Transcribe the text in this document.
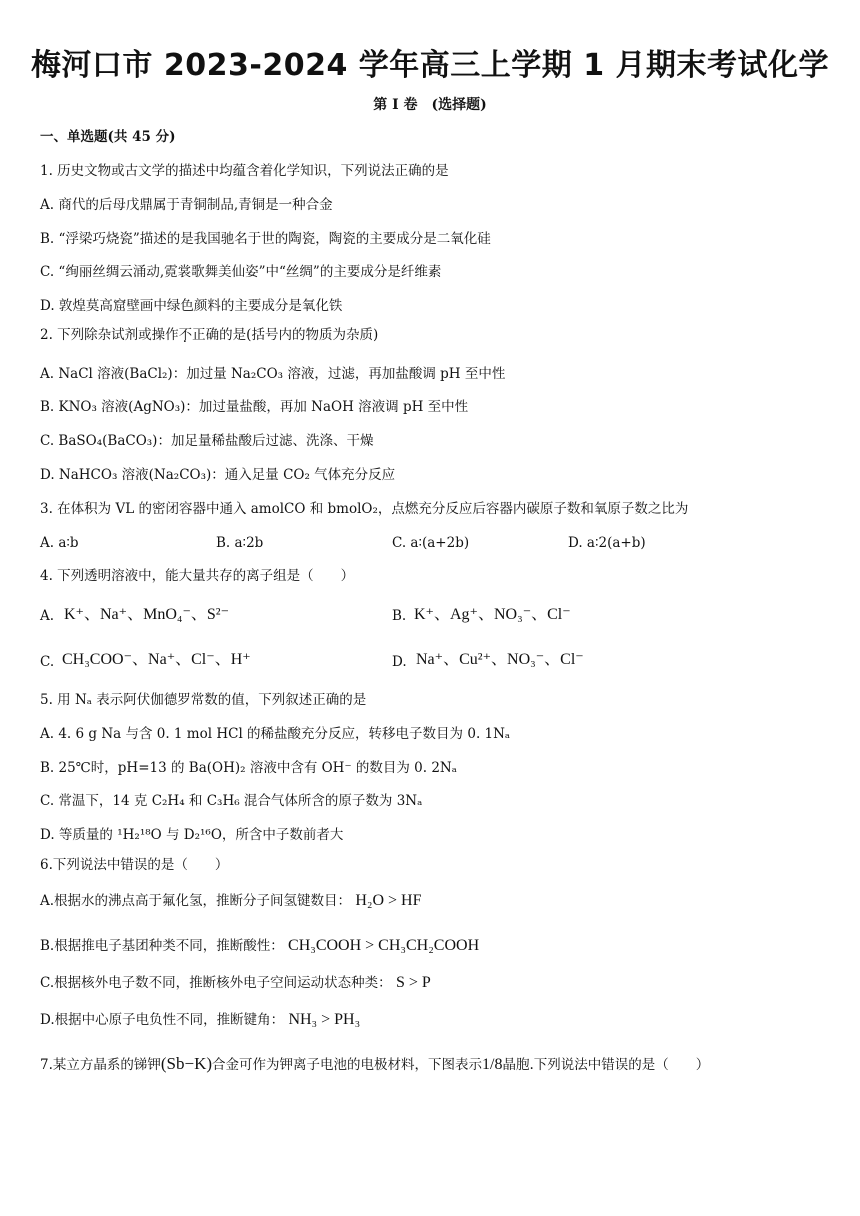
梅河口市 2023-2024 学年高三上学期 1 月期末考试化学
第 I 卷　(选择题)
一、单选题(共 45 分)
1. 历史文物或古文学的描述中均蕴含着化学知识，下列说法正确的是
A. 商代的后母戊鼎属于青铜制品,青铜是一种合金
B. “浮梁巧烧瓷”描述的是我国驰名于世的陶瓷，陶瓷的主要成分是二氧化硅
C. “绚丽丝绸云涌动,霓裳歌舞美仙姿”中“丝绸”的主要成分是纤维素
D. 敦煌莫高窟壁画中绿色颜料的主要成分是氧化铁
2. 下列除杂试剂或操作不正确的是(括号内的物质为杂质)
A. NaCl 溶液(BaCl₂)：加过量 Na₂CO₃ 溶液，过滤，再加盐酸调 pH 至中性
B. KNO₃ 溶液(AgNO₃)：加过量盐酸，再加 NaOH 溶液调 pH 至中性
C. BaSO₄(BaCO₃)：加足量稀盐酸后过滤、洗涤、干燥
D. NaHCO₃ 溶液(Na₂CO₃)：通入足量 CO₂ 气体充分反应
3. 在体积为 VL 的密闭容器中通入 amolCO 和 bmolO₂，点燃充分反应后容器内碳原子数和氧原子数之比为
A. a∶b	B. a∶2b	C. a∶(a+2b)	D. a∶2(a+b)
4. 下列透明溶液中，能大量共存的离子组是（　　）
A. K⁺、Na⁺、MnO₄⁻、S²⁻	B. K⁺、Ag⁺、NO₃⁻、Cl⁻
C. CH₃COO⁻、Na⁺、Cl⁻、H⁺	D. Na⁺、Cu²⁺、NO₃⁻、Cl⁻
5. 用 Nₐ 表示阿伏伽德罗常数的值，下列叙述正确的是
A. 4. 6 g Na 与含 0. 1 mol HCl 的稀盐酸充分反应，转移电子数目为 0. 1Nₐ
B. 25℃时，pH=13 的 Ba(OH)₂ 溶液中含有 OH⁻ 的数目为 0. 2Nₐ
C. 常温下，14 克 C₂H₄ 和 C₃H₆ 混合气体所含的原子数为 3Nₐ
D. 等质量的 ¹H₂¹⁸O 与 D₂¹⁶O，所含中子数前者大
6.下列说法中错误的是（　　）
A.根据水的沸点高于氟化氢，推断分子间氢键数目： H₂O > HF
B.根据推电子基团种类不同，推断酸性： CH₃COOH > CH₃CH₂COOH
C.根据核外电子数不同，推断核外电子空间运动状态种类： S > P
D.根据中心原子电负性不同，推断键角： NH₃ > PH₃
7.某立方晶系的锑钾(Sb−K)合金可作为钾离子电池的电极材料，下图表示1/8晶胞.下列说法中错误的是（　　）
